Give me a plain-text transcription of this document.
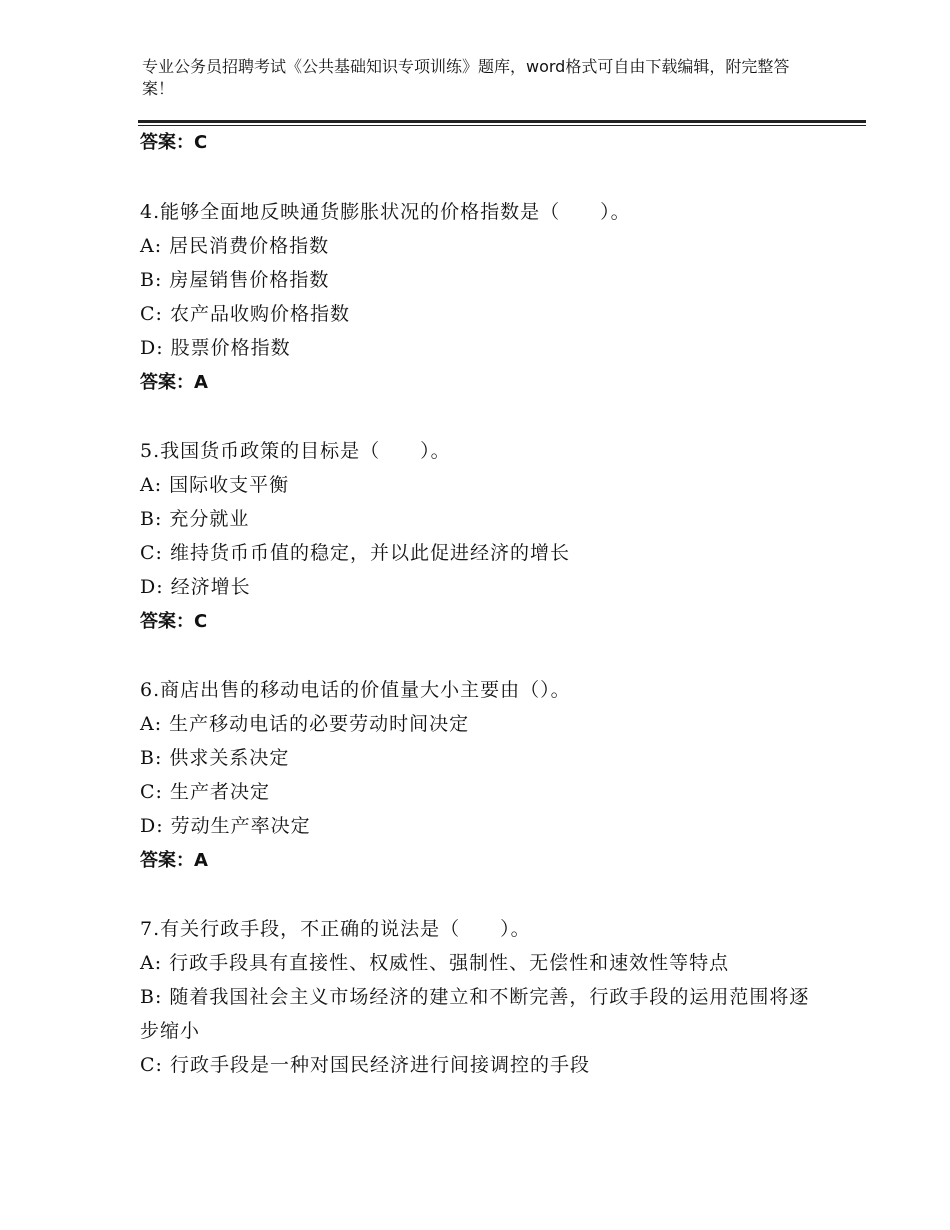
专业公务员招聘考试《公共基础知识专项训练》题库，word格式可自由下载编辑，附完整答案！
答案：C
4.能够全面地反映通货膨胀状况的价格指数是（　　）。
A: 居民消费价格指数
B: 房屋销售价格指数
C: 农产品收购价格指数
D: 股票价格指数
答案：A
5.我国货币政策的目标是（　　）。
A: 国际收支平衡
B: 充分就业
C: 维持货币币值的稳定，并以此促进经济的增长
D: 经济增长
答案：C
6.商店出售的移动电话的价值量大小主要由（）。
A: 生产移动电话的必要劳动时间决定
B: 供求关系决定
C: 生产者决定
D: 劳动生产率决定
答案：A
7.有关行政手段，不正确的说法是（　　）。
A: 行政手段具有直接性、权威性、强制性、无偿性和速效性等特点
B: 随着我国社会主义市场经济的建立和不断完善，行政手段的运用范围将逐步缩小
C: 行政手段是一种对国民经济进行间接调控的手段
